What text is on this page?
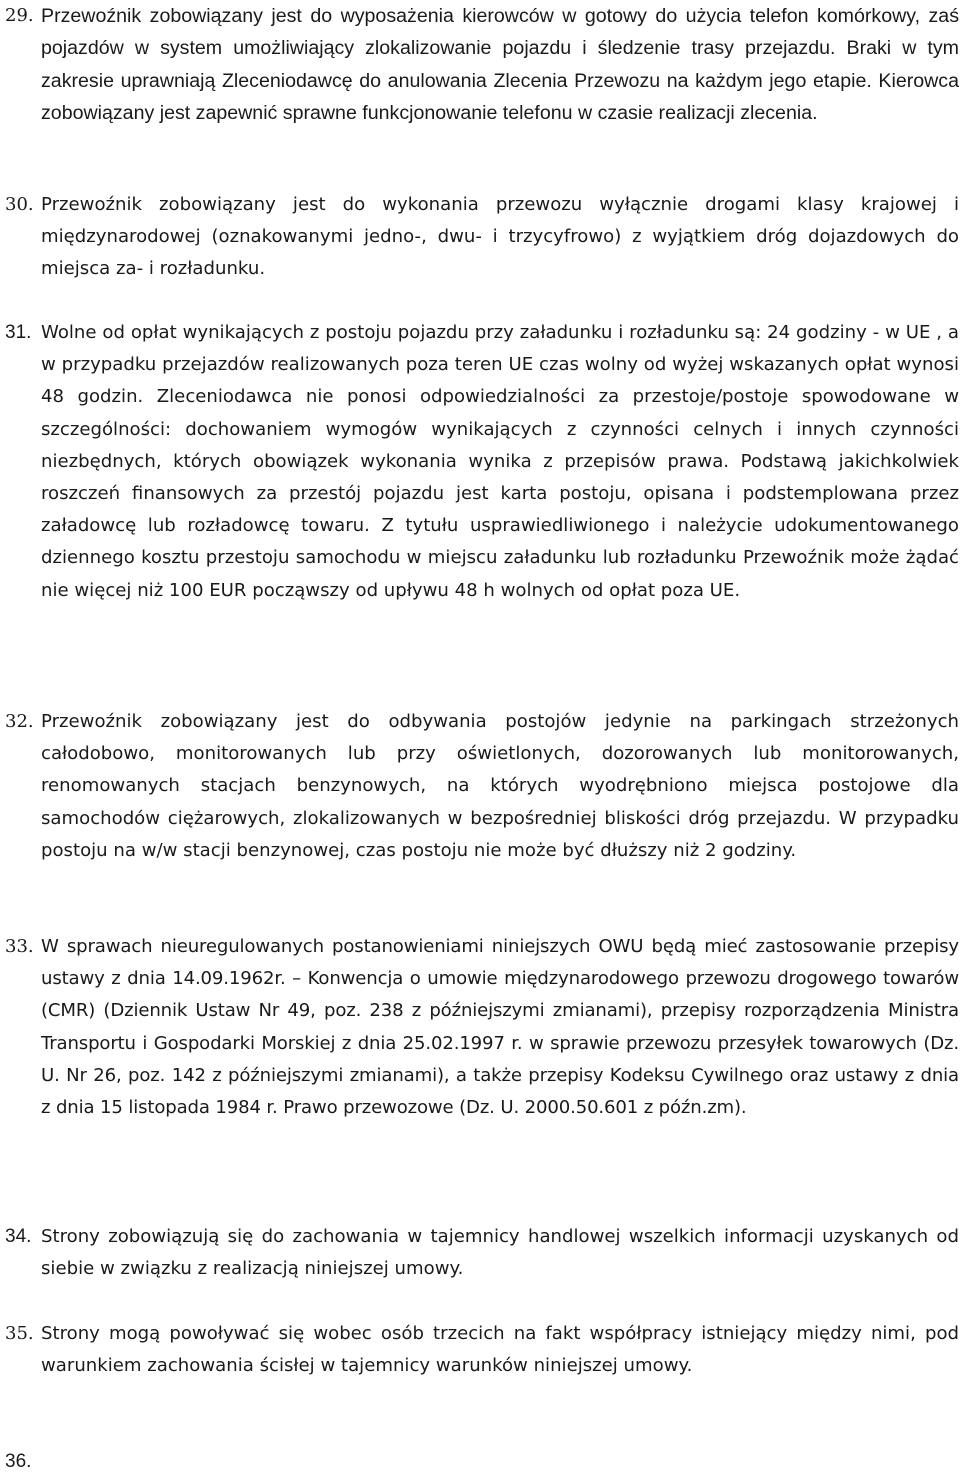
29. Przewoźnik zobowiązany jest do wyposażenia kierowców w gotowy do użycia telefon komórkowy, zaś pojazdów w system umożliwiający zlokalizowanie pojazdu i śledzenie trasy przejazdu. Braki w tym zakresie uprawniają Zleceniodawcę do anulowania Zlecenia Przewozu na każdym jego etapie. Kierowca zobowiązany jest zapewnić sprawne funkcjonowanie telefonu w czasie realizacji zlecenia.
30. Przewoźnik zobowiązany jest do wykonania przewozu wyłącznie drogami klasy krajowej i międzynarodowej (oznakowanymi jedno-, dwu- i trzycyfrowo) z wyjątkiem dróg dojazdowych do miejsca za- i rozładunku.
31. Wolne od opłat wynikających z postoju pojazdu przy załadunku i rozładunku są: 24 godziny - w UE , a w przypadku przejazdów realizowanych poza teren UE czas wolny od wyżej wskazanych opłat wynosi 48 godzin. Zleceniodawca nie ponosi odpowiedzialności za przestoje/postoje spowodowane w szczególności: dochowaniem wymogów wynikających z czynności celnych i innych czynności niezbędnych, których obowiązek wykonania wynika z przepisów prawa. Podstawą jakichkolwiek roszczeń finansowych za przestój pojazdu jest karta postoju, opisana i podstemplowana przez załadowcę lub rozładowcę towaru. Z tytułu usprawiedliwionego i należycie udokumentowanego dziennego kosztu przestoju samochodu w miejscu załadunku lub rozładunku Przewoźnik może żądać nie więcej niż 100 EUR począwszy od upływu 48 h wolnych od opłat poza UE.
32. Przewoźnik zobowiązany jest do odbywania postojów jedynie na parkingach strzeżonych całodobowo, monitorowanych lub przy oświetlonych, dozorowanych lub monitorowanych, renomowanych stacjach benzynowych, na których wyodrębniono miejsca postojowe dla samochodów ciężarowych, zlokalizowanych w bezpośredniej bliskości dróg przejazdu. W przypadku postoju na w/w stacji benzynowej, czas postoju nie może być dłuższy niż 2 godziny.
33. W sprawach nieuregulowanych postanowieniami niniejszych OWU będą mieć zastosowanie przepisy ustawy z dnia 14.09.1962r. – Konwencja o umowie międzynarodowego przewozu drogowego towarów (CMR) (Dziennik Ustaw Nr 49, poz. 238 z późniejszymi zmianami), przepisy rozporządzenia Ministra Transportu i Gospodarki Morskiej z dnia 25.02.1997 r. w sprawie przewozu przesyłek towarowych (Dz. U. Nr 26, poz. 142 z późniejszymi zmianami), a także przepisy Kodeksu Cywilnego oraz ustawy z dnia z dnia 15 listopada 1984 r. Prawo przewozowe (Dz. U. 2000.50.601 z późn.zm).
34. Strony zobowiązują się do zachowania w tajemnicy handlowej wszelkich informacji uzyskanych od siebie w związku z realizacją niniejszej umowy.
35. Strony mogą powoływać się wobec osób trzecich na fakt współpracy istniejący między nimi, pod warunkiem zachowania ścisłej w tajemnicy warunków niniejszej umowy.
36.
